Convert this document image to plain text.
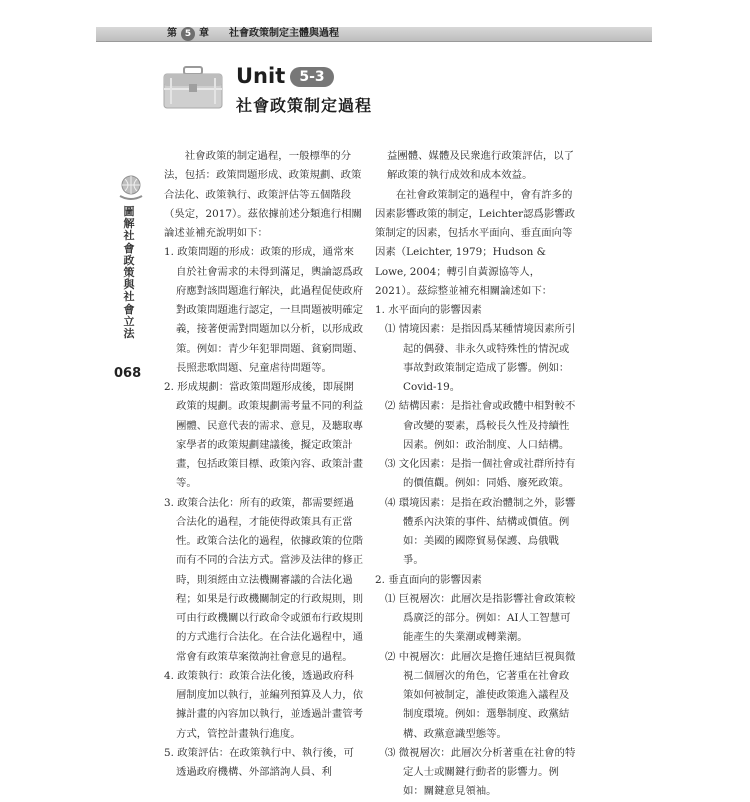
第 5 章 社會政策制定主體與過程
Unit	5-3
社會政策制定過程
圖解社會政策與社會立法
068

社會政策的制定過程，一般標準的分法，包括：政策問題形成、政策規劃、政策合法化、政策執行、政策評估等五個階段（吳定，2017）。茲依據前述分類進行相關論述並補充說明如下：

1. 政策問題的形成：政策的形成，通常來自於社會需求的未得到滿足，輿論認爲政府應對該問題進行解決，此過程促使政府對政策問題進行認定，一旦問題被明確定義，接著便需對問題加以分析，以形成政策。例如：青少年犯罪問題、貧窮問題、長照悲歌問題、兒童虐待問題等。

2. 形成規劃：當政策問題形成後，即展開政策的規劃。政策規劃需考量不同的利益團體、民意代表的需求、意見，及聽取專家學者的政策規劃建議後，擬定政策計畫，包括政策目標、政策內容、政策計畫等。

3. 政策合法化：所有的政策，都需要經過合法化的過程，才能使得政策具有正當性。政策合法化的過程，依據政策的位階而有不同的合法方式。當涉及法律的修正時，則須經由立法機關審議的合法化過程；如果是行政機關制定的行政規則，則可由行政機關以行政命令或頒布行政規則的方式進行合法化。在合法化過程中，通常會有政策草案徵詢社會意見的過程。

4. 政策執行：政策合法化後，透過政府科層制度加以執行，並編列預算及人力，依據計畫的內容加以執行，並透過計畫管考方式，管控計畫執行進度。

5. 政策評估：在政策執行中、執行後，可透過政府機構、外部諮詢人員、利

益團體、媒體及民衆進行政策評估，以了解政策的執行成效和成本效益。

在社會政策制定的過程中，會有許多的因素影響政策的制定，Leichter認爲影響政策制定的因素，包括水平面向、垂直面向等因素（Leichter, 1979；Hudson & Lowe, 2004；轉引自黃源協等人，2021）。茲綜整並補充相關論述如下：

1. 水平面向的影響因素

⑴ 情境因素：是指因爲某種情境因素所引起的偶發、非永久或特殊性的情況或事故對政策制定造成了影響。例如：Covid-19。

⑵ 結構因素：是指社會或政體中相對較不會改變的要素，爲較長久性及持續性因素。例如：政治制度、人口結構。

⑶ 文化因素：是指一個社會或社群所持有的價值觀。例如：同婚、廢死政策。

⑷ 環境因素：是指在政治體制之外，影響體系內決策的事件、結構或價值。例如：美國的國際貿易保護、烏俄戰爭。

2. 垂直面向的影響因素

⑴ 巨視層次：此層次是指影響社會政策較爲廣泛的部分。例如：AI人工智慧可能產生的失業潮或轉業潮。

⑵ 中視層次：此層次是擔任連結巨視與微視二個層次的角色，它著重在社會政策如何被制定，誰使政策進入議程及制度環境。例如：選舉制度、政黨結構、政黨意識型態等。

⑶ 微視層次：此層次分析著重在社會的特定人士或關鍵行動者的影響力。例如：關鍵意見領袖。
